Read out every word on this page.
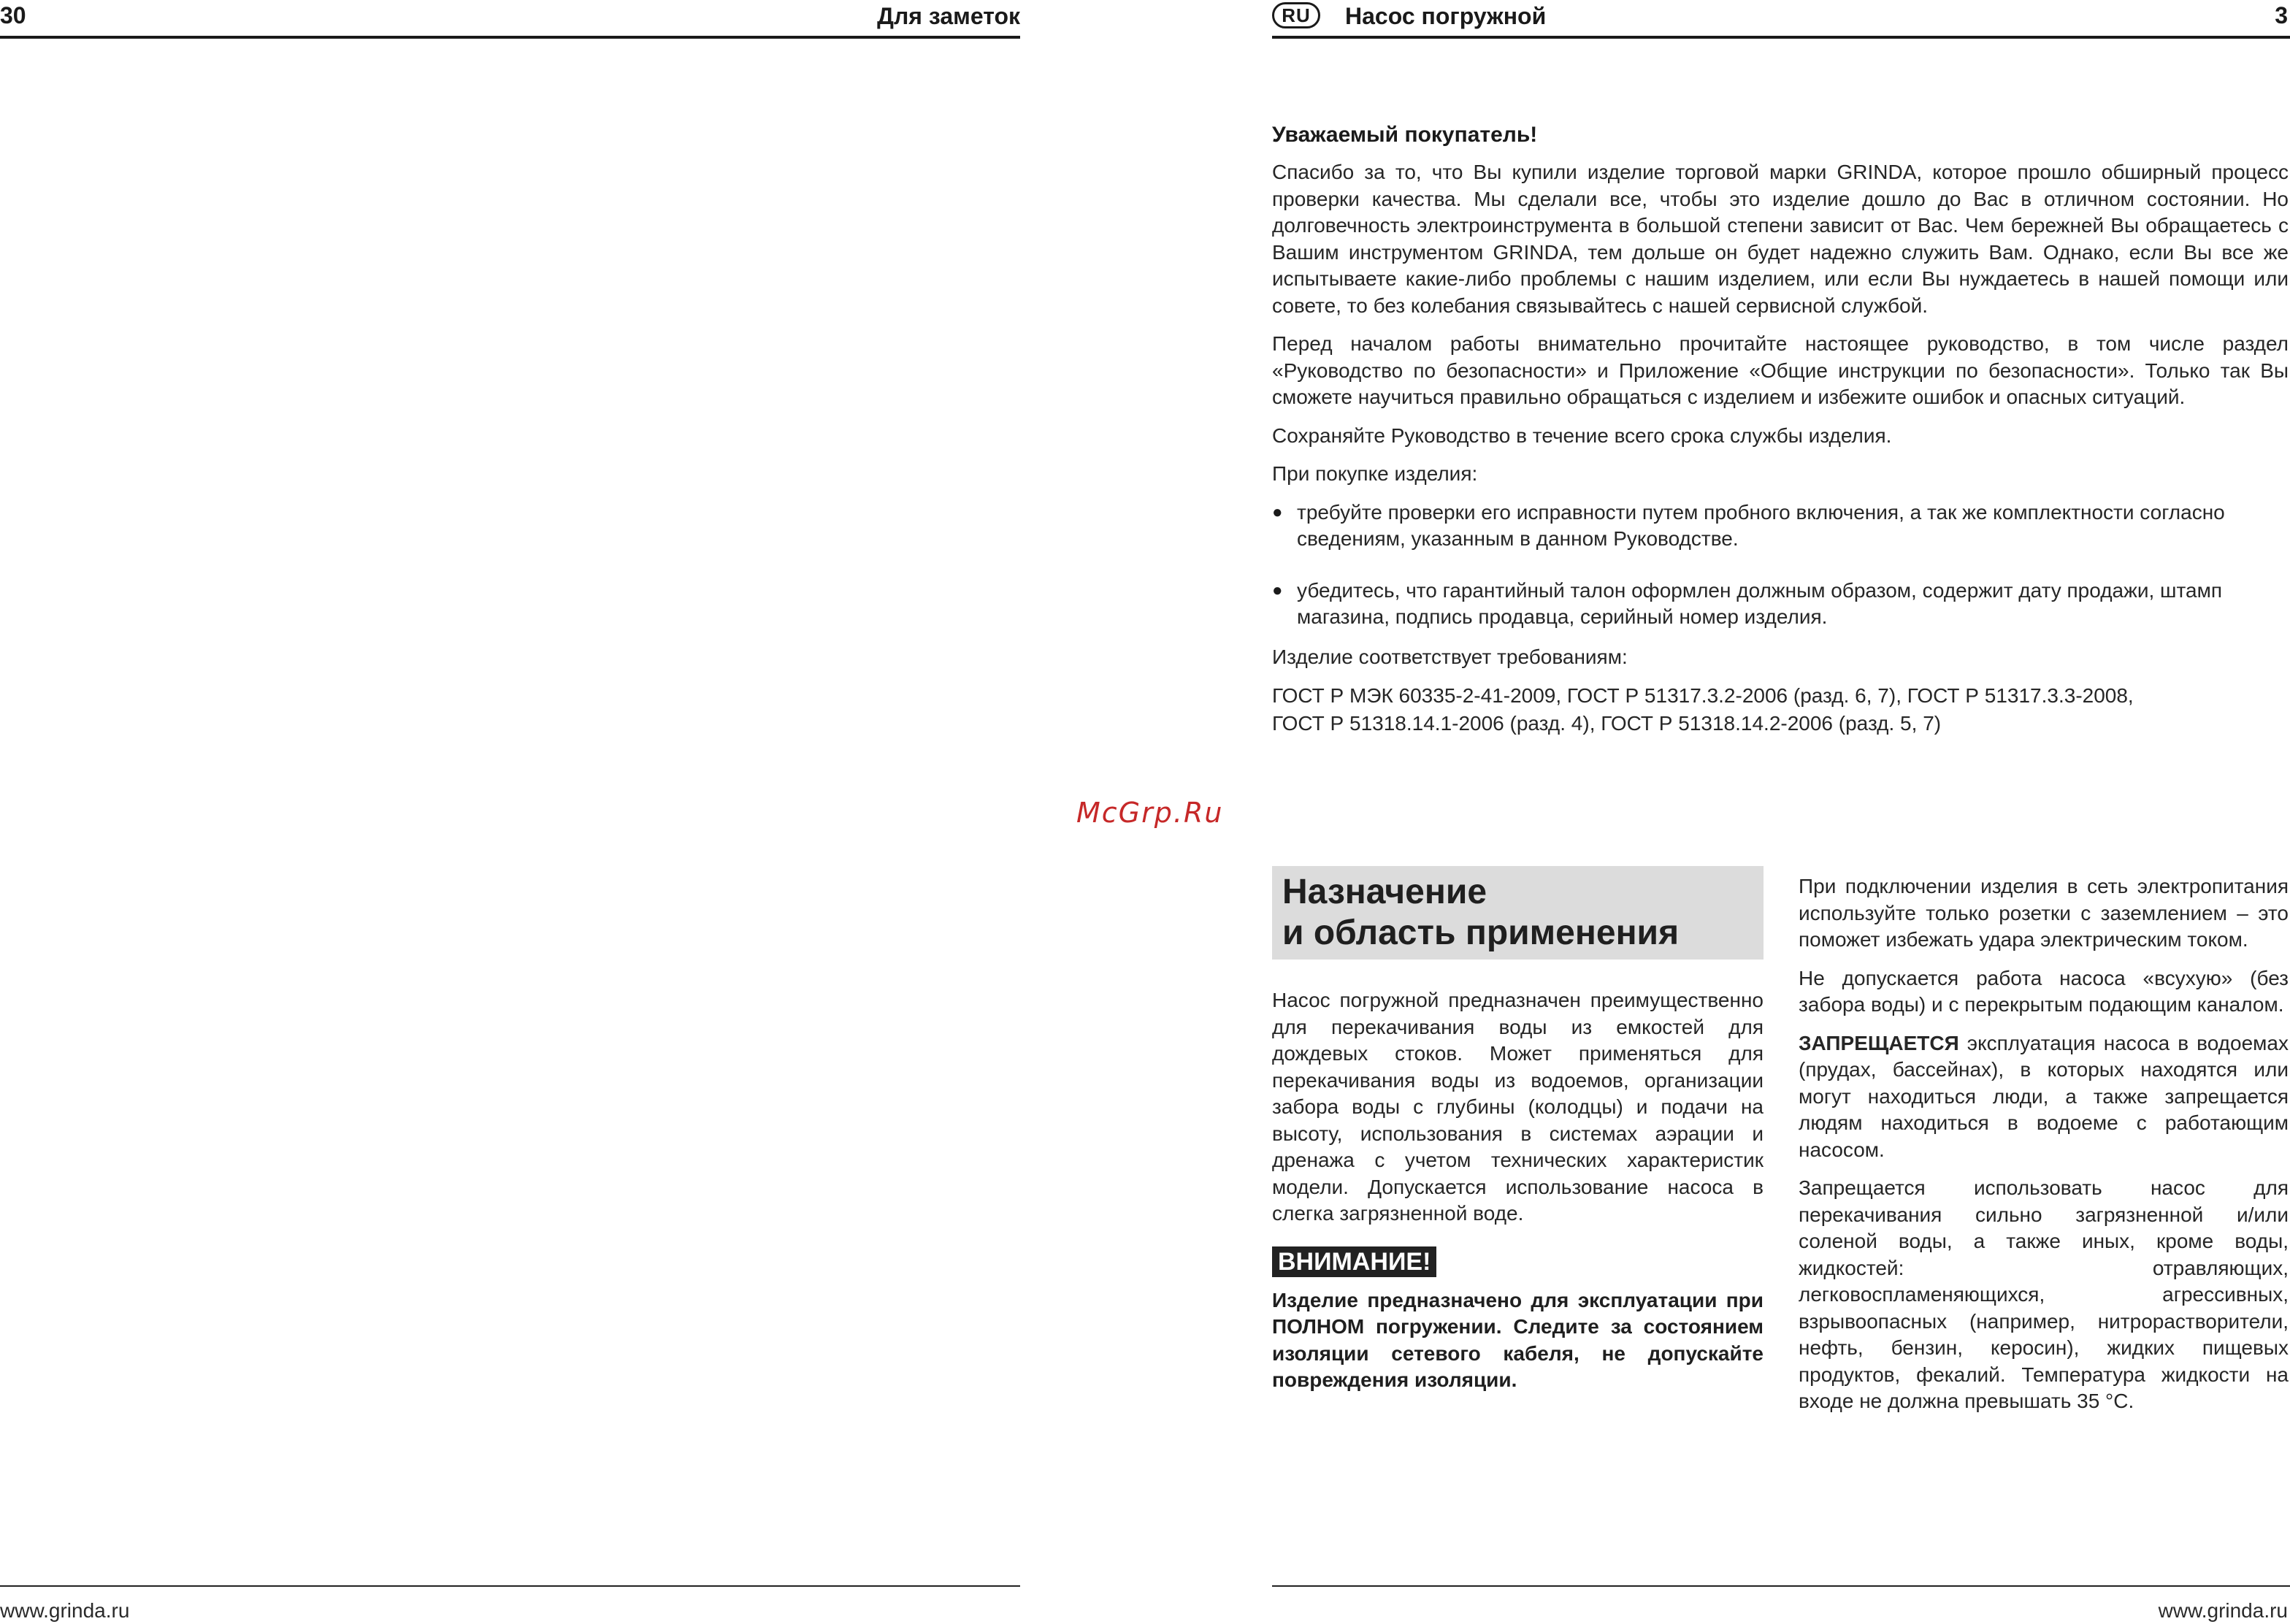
30	Для заметок
www.grinda.ru
McGrp.Ru
RU	Насос погружной	3
Уважаемый покупатель!

Спасибо за то, что Вы купили изделие торговой марки GRINDA, которое прошло обширный процесс проверки качества. Мы сделали все, чтобы это изделие дошло до Вас в отличном состоянии. Но долговечность электроинструмента в большой степени зависит от Вас. Чем бережней Вы обращаетесь с Вашим инструментом GRINDA, тем дольше он будет надежно служить Вам. Однако, если Вы все же испытываете какие-либо проблемы с нашим изделием, или если Вы нуждаетесь в нашей помощи или совете, то без колебания связывайтесь с нашей сервисной службой.

Перед началом работы внимательно прочитайте настоящее руководство, в том числе раздел «Руководство по безопасности» и Приложение «Общие инструкции по безопасности». Только так Вы сможете научиться правильно обращаться с изделием и избежите ошибок и опасных ситуаций.

Сохраняйте Руководство в течение всего срока службы изделия.

При покупке изделия:

● требуйте проверки его исправности путем пробного включения, а так же комплектности согласно сведениям, указанным в данном Руководстве.
● убедитесь, что гарантийный талон оформлен должным образом, содержит дату продажи, штамп магазина, подпись продавца, серийный номер изделия.

Изделие соответствует требованиям:

ГОСТ Р МЭК 60335-2-41-2009, ГОСТ Р 51317.3.2-2006 (разд. 6, 7), ГОСТ Р 51317.3.3-2008,
ГОСТ Р 51318.14.1-2006 (разд. 4), ГОСТ Р 51318.14.2-2006 (разд. 5, 7)
Назначение
и область применения

Насос погружной предназначен преимущественно для перекачивания воды из емкостей для дождевых стоков. Может применяться для перекачивания воды из водоемов, организации забора воды с глубины (колодцы) и подачи на высоту, использования в системах аэрации и дренажа с учетом технических характеристик модели. Допускается использование насоса в слегка загрязненной воде.

ВНИМАНИЕ!

Изделие предназначено для эксплуатации при ПОЛНОМ погружении. Следите за состоянием изоляции сетевого кабеля, не допускайте повреждения изоляции.

При подключении изделия в сеть электропитания используйте только розетки с заземлением – это поможет избежать удара электрическим током.

Не допускается работа насоса «всухую» (без забора воды) и с перекрытым подающим каналом.

ЗАПРЕЩАЕТСЯ эксплуатация насоса в водоемах (прудах, бассейнах), в которых находятся или могут находиться люди, а также запрещается людям находиться в водоеме с работающим насосом.

Запрещается использовать насос для перекачивания сильно загрязненной и/или соленой воды, а также иных, кроме воды, жидкостей: отравляющих, легковоспламеняющихся, агрессивных, взрывоопасных (например, нитрорастворители, нефть, бензин, керосин), жидких пищевых продуктов, фекалий. Температура жидкости на входе не должна превышать 35 °С.

www.grinda.ru
